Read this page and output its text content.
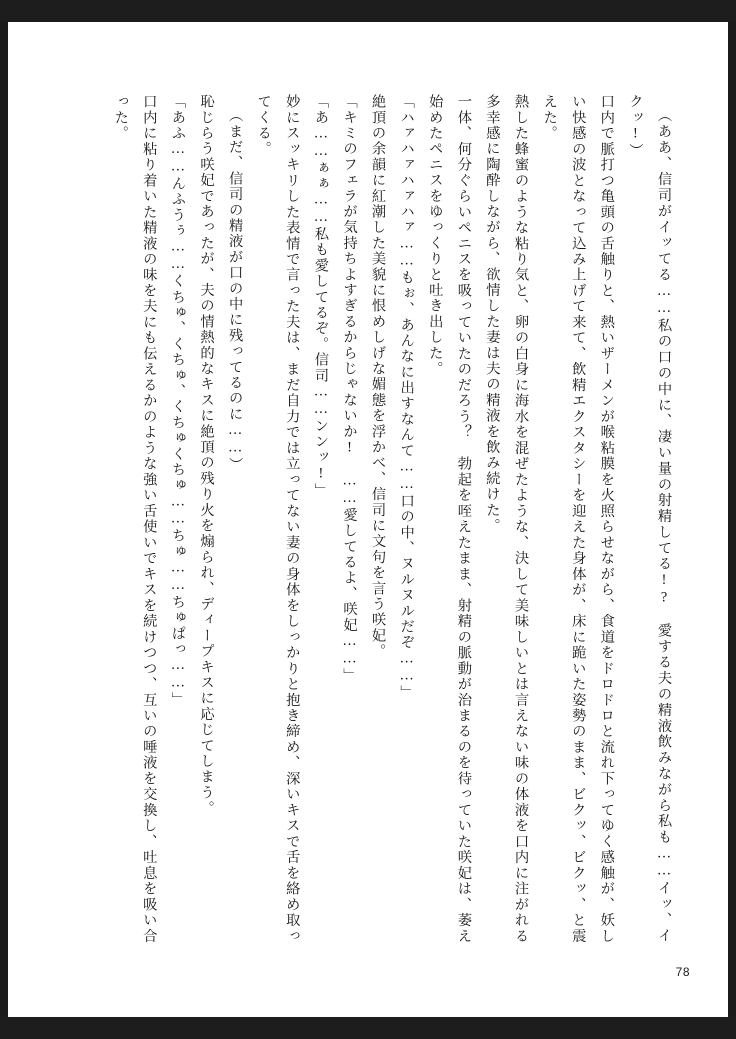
（ああ、信司がイッてる……私の口の中に、凄い量の射精してる!?　愛する夫の精液飲みながら私も……イッ、イクッ!）

口内で脈打つ亀頭の舌触りと、熱いザーメンが喉粘膜を火照らせながら、食道をドロドロと流れ下ってゆく感触が、妖しい快感の波となって込み上げて来て、飲精エクスタシーを迎えた身体が、床に跪いた姿勢のまま、ビクッ、ビクッ、と震えた。

熱した蜂蜜のような粘り気と、卵の白身に海水を混ぜたような、決して美味しいとは言えない味の体液を口内に注がれる多幸感に陶酔しながら、欲情した妻は夫の精液を飲み続けた。

一体、何分ぐらいペニスを吸っていたのだろう？　勃起を咥えたまま、射精の脈動が治まるのを待っていた咲妃は、萎え始めたペニスをゆっくりと吐き出した。

「ハァハァハァハァ……もぉ、あんなに出すなんて……口の中、ヌルヌルだぞ……」

絶頂の余韻に紅潮した美貌に恨めしげな媚態を浮かべ、信司に文句を言う咲妃。

「キミのフェラが気持ちよすぎるからじゃないか!　……愛してるよ、咲妃……」

「あ……ぁぁ……私も愛してるぞ。信司……ンンッ!」

妙にスッキリした表情で言った夫は、まだ自力では立ってない妻の身体をしっかりと抱き締め、深いキスで舌を絡め取ってくる。

（まだ、信司の精液が口の中に残ってるのに……）

恥じらう咲妃であったが、夫の情熱的なキスに絶頂の残り火を煽られ、ディープキスに応じてしまう。

「あふ……んふうぅ……くちゅ、くちゅ、くちゅくちゅ……ちゅ……ちゅぱっ……」

口内に粘り着いた精液の味を夫にも伝えるかのような強い舌使いでキスを続けつつ、互いの唾液を交換し、吐息を吸い合った。

78
